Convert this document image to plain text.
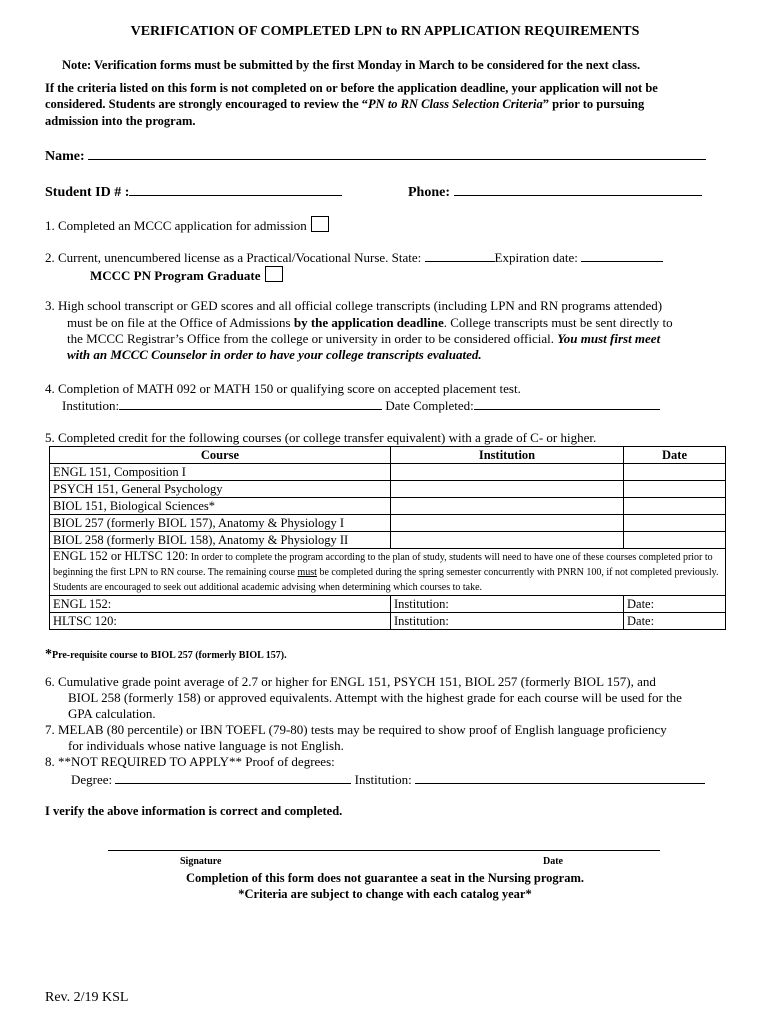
VERIFICATION OF COMPLETED LPN to RN APPLICATION REQUIREMENTS
Note: Verification forms must be submitted by the first Monday in March to be considered for the next class.
If the criteria listed on this form is not completed on or before the application deadline, your application will not be
considered. Students are strongly encouraged to review the “PN to RN Class Selection Criteria” prior to pursuing
admission into the program.
Name:
Student ID # :	Phone:
1. Completed an MCCC application for admission
2. Current, unencumbered license as a Practical/Vocational Nurse. State:	Expiration date:
MCCC PN Program Graduate
3. High school transcript or GED scores and all official college transcripts (including LPN and RN programs attended)
must be on file at the Office of Admissions by the application deadline. College transcripts must be sent directly to
the MCCC Registrar’s Office from the college or university in order to be considered official. You must first meet
with an MCCC Counselor in order to have your college transcripts evaluated.
4. Completion of MATH 092 or MATH 150 or qualifying score on accepted placement test.
Institution:	Date Completed:
5. Completed credit for the following courses (or college transfer equivalent) with a grade of C- or higher.
Course	Institution	Date
ENGL 151, Composition I		
PSYCH 151, General Psychology		
BIOL 151, Biological Sciences*		
BIOL 257 (formerly BIOL 157), Anatomy & Physiology I		
BIOL 258 (formerly BIOL 158), Anatomy & Physiology II		
ENGL 152 or HLTSC 120: In order to complete the program according to the plan of study, students will need to have one of these courses completed prior to beginning the first LPN to RN course. The remaining course must be completed during the spring semester concurrently with PNRN 100, if not completed previously. Students are encouraged to seek out additional academic advising when determining which courses to take.		
ENGL 152:	Institution:	Date:
HLTSC 120:	Institution:	Date:
*Pre-requisite course to BIOL 257 (formerly BIOL 157).
6. Cumulative grade point average of 2.7 or higher for ENGL 151, PSYCH 151, BIOL 257 (formerly BIOL 157), and
BIOL 258 (formerly 158) or approved equivalents. Attempt with the highest grade for each course will be used for the
GPA calculation.
7. MELAB (80 percentile) or IBN TOEFL (79-80) tests may be required to show proof of English language proficiency
for individuals whose native language is not English.
8. **NOT REQUIRED TO APPLY** Proof of degrees:
Degree:	Institution:
I verify the above information is correct and completed.
Signature	Date
Completion of this form does not guarantee a seat in the Nursing program.
*Criteria are subject to change with each catalog year*
Rev. 2/19 KSL
